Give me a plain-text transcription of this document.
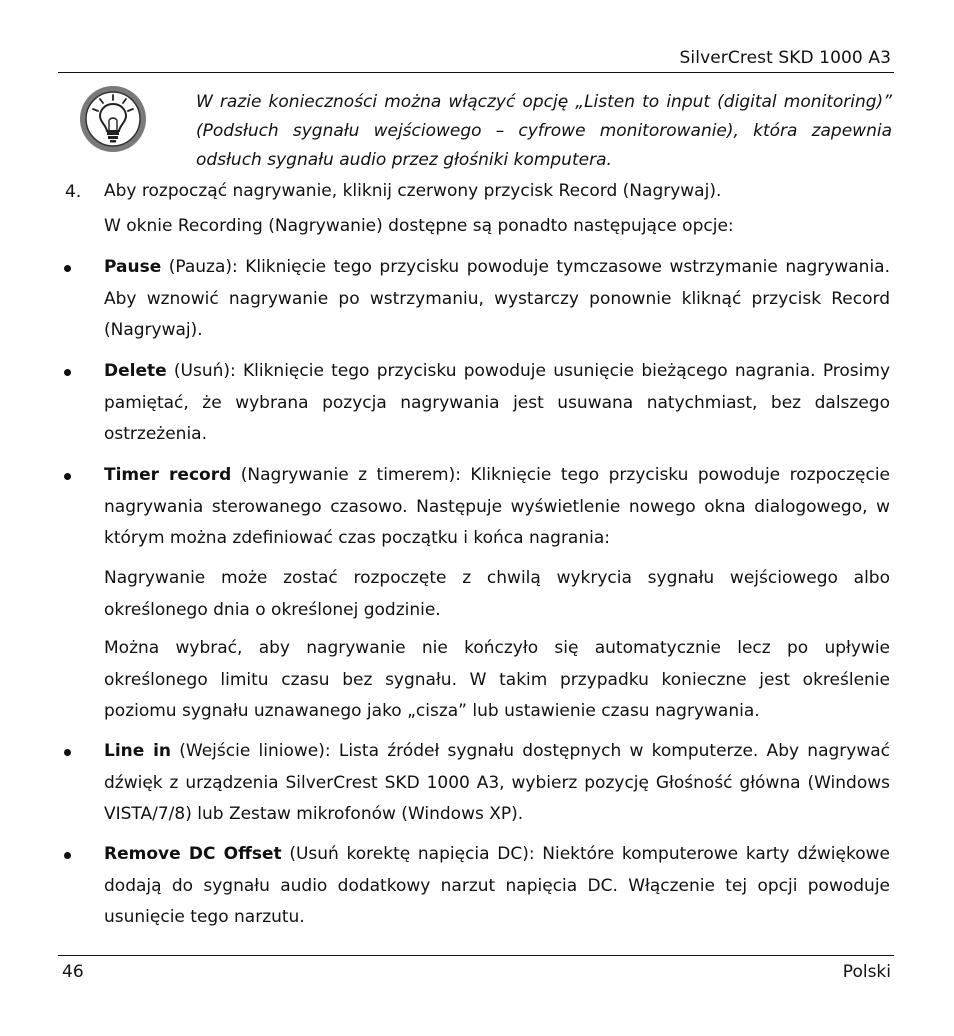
SilverCrest SKD 1000 A3
W razie konieczności można włączyć opcję „Listen to input (digital monitoring)” (Podsłuch sygnału wejściowego – cyfrowe monitorowanie), która zapewnia odsłuch sygnału audio przez głośniki komputera.
4. Aby rozpocząć nagrywanie, kliknij czerwony przycisk Record (Nagrywaj).
W oknie Recording (Nagrywanie) dostępne są ponadto następujące opcje:
Pause (Pauza): Kliknięcie tego przycisku powoduje tymczasowe wstrzymanie nagrywania. Aby wznowić nagrywanie po wstrzymaniu, wystarczy ponownie kliknąć przycisk Record (Nagrywaj).
Delete (Usuń): Kliknięcie tego przycisku powoduje usunięcie bieżącego nagrania. Prosimy pamiętać, że wybrana pozycja nagrywania jest usuwana natychmiast, bez dalszego ostrzeżenia.
Timer record (Nagrywanie z timerem): Kliknięcie tego przycisku powoduje rozpoczęcie nagrywania sterowanego czasowo. Następuje wyświetlenie nowego okna dialogowego, w którym można zdefiniować czas początku i końca nagrania:
Nagrywanie może zostać rozpoczęte z chwilą wykrycia sygnału wejściowego albo określonego dnia o określonej godzinie.
Można wybrać, aby nagrywanie nie kończyło się automatycznie lecz po upływie określonego limitu czasu bez sygnału. W takim przypadku konieczne jest określenie poziomu sygnału uznawanego jako „cisza” lub ustawienie czasu nagrywania.
Line in (Wejście liniowe): Lista źródeł sygnału dostępnych w komputerze. Aby nagrywać dźwięk z urządzenia SilverCrest SKD 1000 A3, wybierz pozycję Głośność główna (Windows VISTA/7/8) lub Zestaw mikrofonów (Windows XP).
Remove DC Offset (Usuń korektę napięcia DC): Niektóre komputerowe karty dźwiękowe dodają do sygnału audio dodatkowy narzut napięcia DC. Włączenie tej opcji powoduje usunięcie tego narzutu.
46	Polski
